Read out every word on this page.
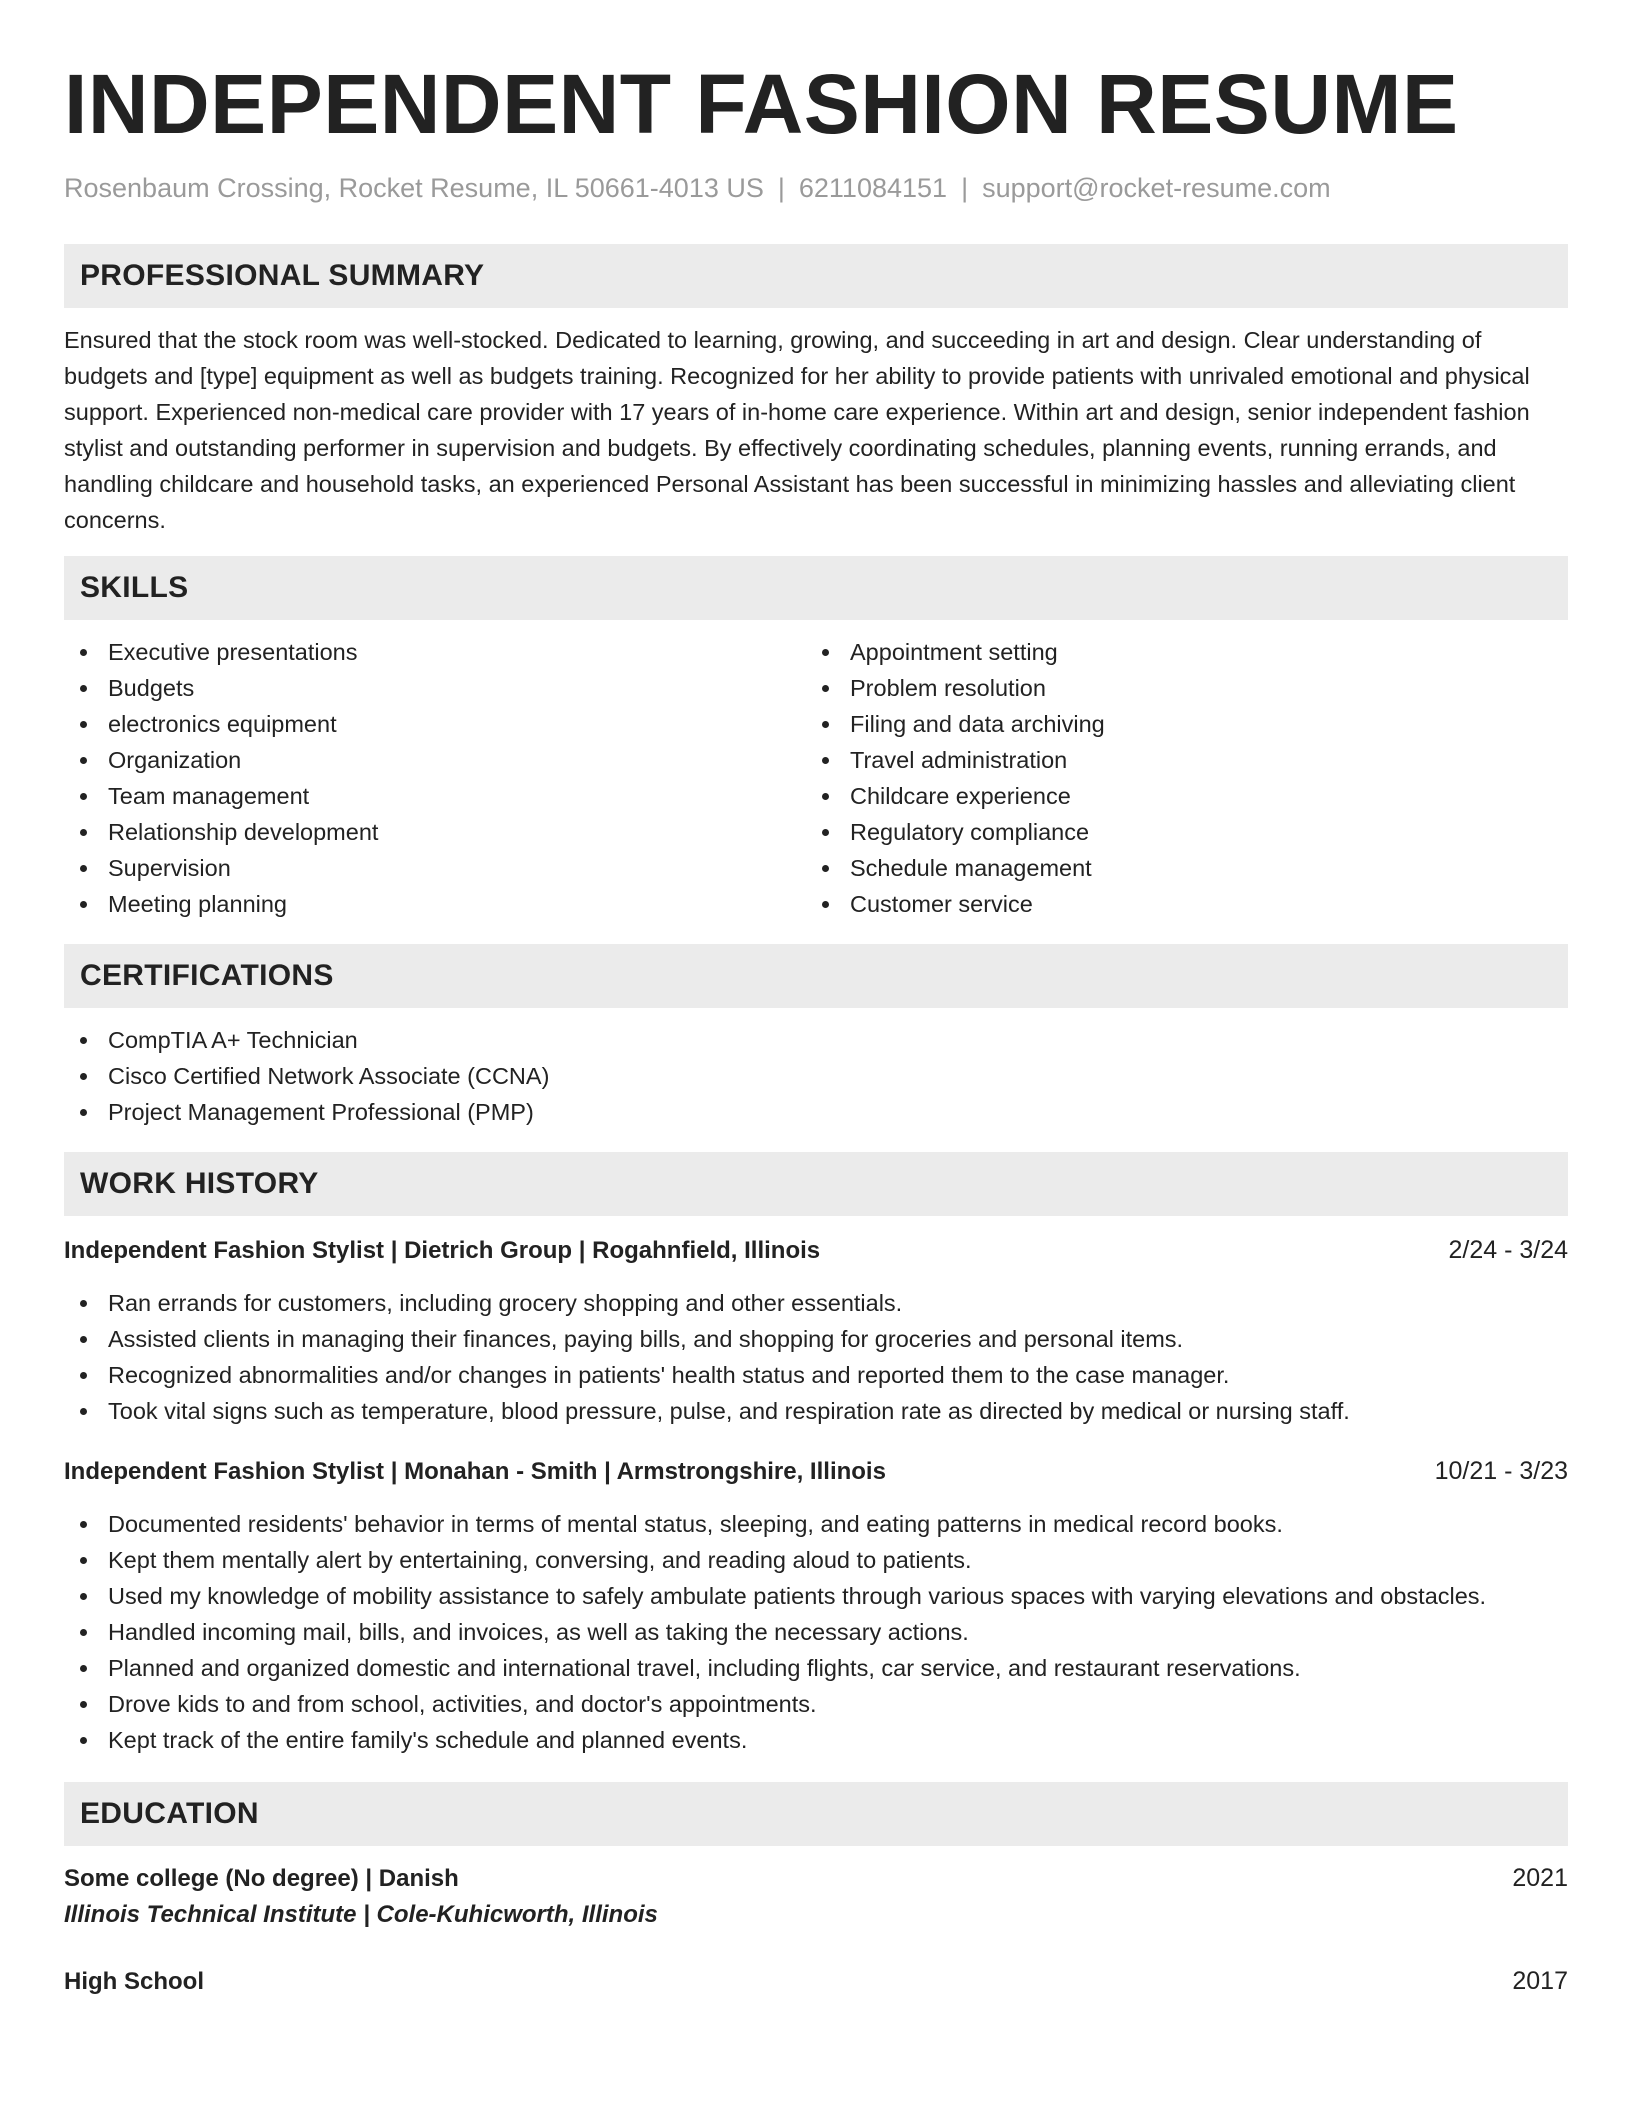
INDEPENDENT FASHION RESUME
Rosenbaum Crossing, Rocket Resume, IL 50661-4013 US | 6211084151 | support@rocket-resume.com
PROFESSIONAL SUMMARY

Ensured that the stock room was well-stocked. Dedicated to learning, growing, and succeeding in art and design. Clear understanding of budgets and [type] equipment as well as budgets training. Recognized for her ability to provide patients with unrivaled emotional and physical support. Experienced non-medical care provider with 17 years of in-home care experience. Within art and design, senior independent fashion stylist and outstanding performer in supervision and budgets. By effectively coordinating schedules, planning events, running errands, and handling childcare and household tasks, an experienced Personal Assistant has been successful in minimizing hassles and alleviating client concerns.

SKILLS
Executive presentations
Budgets
electronics equipment
Organization
Team management
Relationship development
Supervision
Meeting planning
Appointment setting
Problem resolution
Filing and data archiving
Travel administration
Childcare experience
Regulatory compliance
Schedule management
Customer service
CERTIFICATIONS
CompTIA A+ Technician
Cisco Certified Network Associate (CCNA)
Project Management Professional (PMP)
WORK HISTORY
Independent Fashion Stylist | Dietrich Group | Rogahnfield, Illinois	2/24 - 3/24
Ran errands for customers, including grocery shopping and other essentials.
Assisted clients in managing their finances, paying bills, and shopping for groceries and personal items.
Recognized abnormalities and/or changes in patients' health status and reported them to the case manager.
Took vital signs such as temperature, blood pressure, pulse, and respiration rate as directed by medical or nursing staff.
Independent Fashion Stylist | Monahan - Smith | Armstrongshire, Illinois	10/21 - 3/23
Documented residents' behavior in terms of mental status, sleeping, and eating patterns in medical record books.
Kept them mentally alert by entertaining, conversing, and reading aloud to patients.
Used my knowledge of mobility assistance to safely ambulate patients through various spaces with varying elevations and obstacles.
Handled incoming mail, bills, and invoices, as well as taking the necessary actions.
Planned and organized domestic and international travel, including flights, car service, and restaurant reservations.
Drove kids to and from school, activities, and doctor's appointments.
Kept track of the entire family's schedule and planned events.
EDUCATION
Some college (No degree) | Danish	2021
Illinois Technical Institute | Cole-Kuhicworth, Illinois
High School	2017
